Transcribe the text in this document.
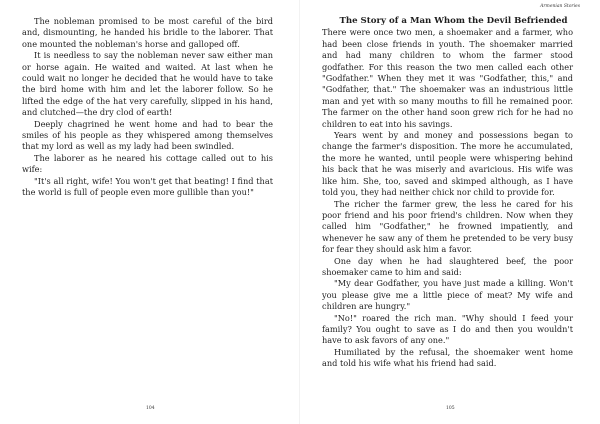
The nobleman promised to be most careful of the bird and, dismounting, he handed his bridle to the laborer. That one mounted the nobleman's horse and galloped off.

It is needless to say the nobleman never saw either man or horse again. He waited and waited. At last when he could wait no longer he decided that he would have to take the bird home with him and let the laborer follow. So he lifted the edge of the hat very carefully, slipped in his hand, and clutched—the dry clod of earth!

Deeply chagrined he went home and had to bear the smiles of his people as they whispered among themselves that my lord as well as my lady had been swindled.

The laborer as he neared his cottage called out to his wife:

"It's all right, wife! You won't get that beating! I find that the world is full of people even more gullible than you!"

104
Armenian Stories

The Story of a Man Whom the Devil Befriended

There were once two men, a shoemaker and a farmer, who had been close friends in youth. The shoemaker married and had many children to whom the farmer stood godfather. For this reason the two men called each other "Godfather." When they met it was "Godfather, this," and "Godfather, that." The shoemaker was an industrious little man and yet with so many mouths to fill he remained poor. The farmer on the other hand soon grew rich for he had no children to eat into his savings.

Years went by and money and possessions began to change the farmer's disposition. The more he accumulated, the more he wanted, until people were whispering behind his back that he was miserly and avaricious. His wife was like him. She, too, saved and skimped although, as I have told you, they had neither chick nor child to provide for.

The richer the farmer grew, the less he cared for his poor friend and his poor friend's children. Now when they called him "Godfather," he frowned impatiently, and whenever he saw any of them he pretended to be very busy for fear they should ask him a favor.

One day when he had slaughtered beef, the poor shoemaker came to him and said:

"My dear Godfather, you have just made a killing. Won't you please give me a little piece of meat? My wife and children are hungry."

"No!" roared the rich man. "Why should I feed your family? You ought to save as I do and then you wouldn't have to ask favors of any one."

Humiliated by the refusal, the shoemaker went home and told his wife what his friend had said.

105
